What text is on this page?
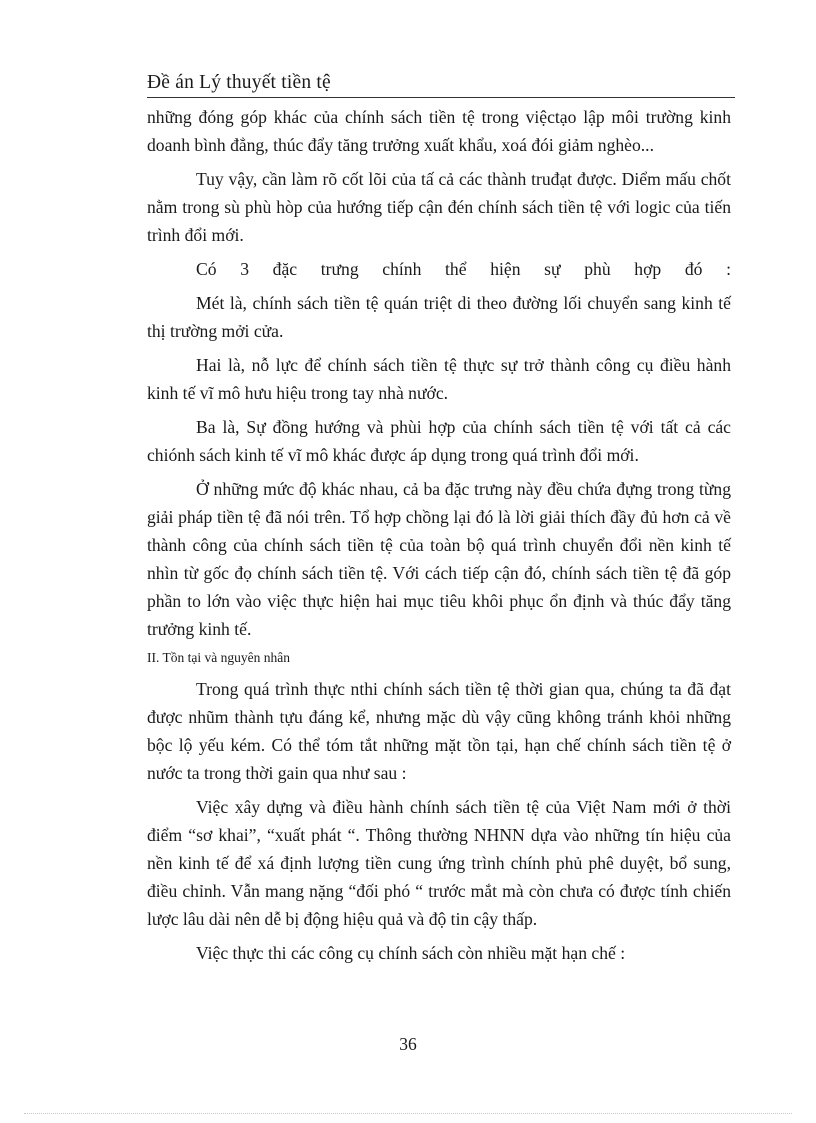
Đề án Lý thuyết tiền tệ

những đóng góp khác của chính sách tiền tệ trong việctạo lập môi trường kinh doanh bình đẳng, thúc đẩy tăng trưởng xuất khẩu, xoá đói giảm nghèo...

Tuy vậy, cần làm rõ cốt lõi của tấ cả các thành truđạt được. Diểm mấu chốt nằm trong sù phù hòp của hướng tiếp cận đén chính sách tiền tệ với logic của tiến trình đổi mới.

Có 3 đặc trưng chính thể hiện sự phù hợp đó :

Mét là, chính sách tiền tệ quán triệt di theo đường lối chuyển sang kinh tế thị trường mởi cửa.

Hai là, nỗ lực để chính sách tiền tệ thực sự trở thành công cụ điều hành kinh tế vĩ mô hưu hiệu trong tay nhà nước.

Ba là, Sự đồng hướng và phùi hợp của chính sách tiền tệ với tất cả các chiónh sách kinh tế vĩ mô khác được áp dụng trong quá trình đổi mới.

Ở những mức độ khác nhau, cả ba đặc trưng này đều chứa đựng trong từng giải pháp tiền tệ đã nói trên. Tổ hợp chồng lại đó là lời giải thích đầy đủ hơn cả về thành công của chính sách tiền tệ của toàn bộ quá trình chuyển đổi nền kinh tế nhìn từ gốc đọ chính sách tiền tệ. Với cách tiếp cận đó, chính sách tiền tệ đã góp phần to lớn vào việc thực hiện hai mục tiêu khôi phục ổn định và thúc đẩy tăng trưởng kinh tế.

II. Tồn tại và nguyên nhân

Trong quá trình thực nthi chính sách tiền tệ thời gian qua, chúng ta đã đạt được nhũm thành tựu đáng kể, nhưng mặc dù vậy cũng không tránh khỏi những bộc lộ yếu kém. Có thể tóm tắt những mặt tồn tại, hạn chế chính sách tiền tệ ở nước ta trong thời gain qua như sau :

Việc xây dựng và điều hành chính sách tiền tệ của Việt Nam mới ở thời điểm “sơ khai”, “xuất phát “. Thông thường NHNN dựa vào những tín hiệu của nền kinh tế để xá định lượng tiền cung ứng trình chính phủ phê duyệt, bổ sung, điều chỉnh. Vẫn mang nặng “đối phó “ trước mắt mà còn chưa có được tính chiến lược lâu dài nên dễ bị động hiệu quả và độ tin cậy thấp.

Việc thực thi các công cụ chính sách còn nhiều mặt hạn chế :

36
